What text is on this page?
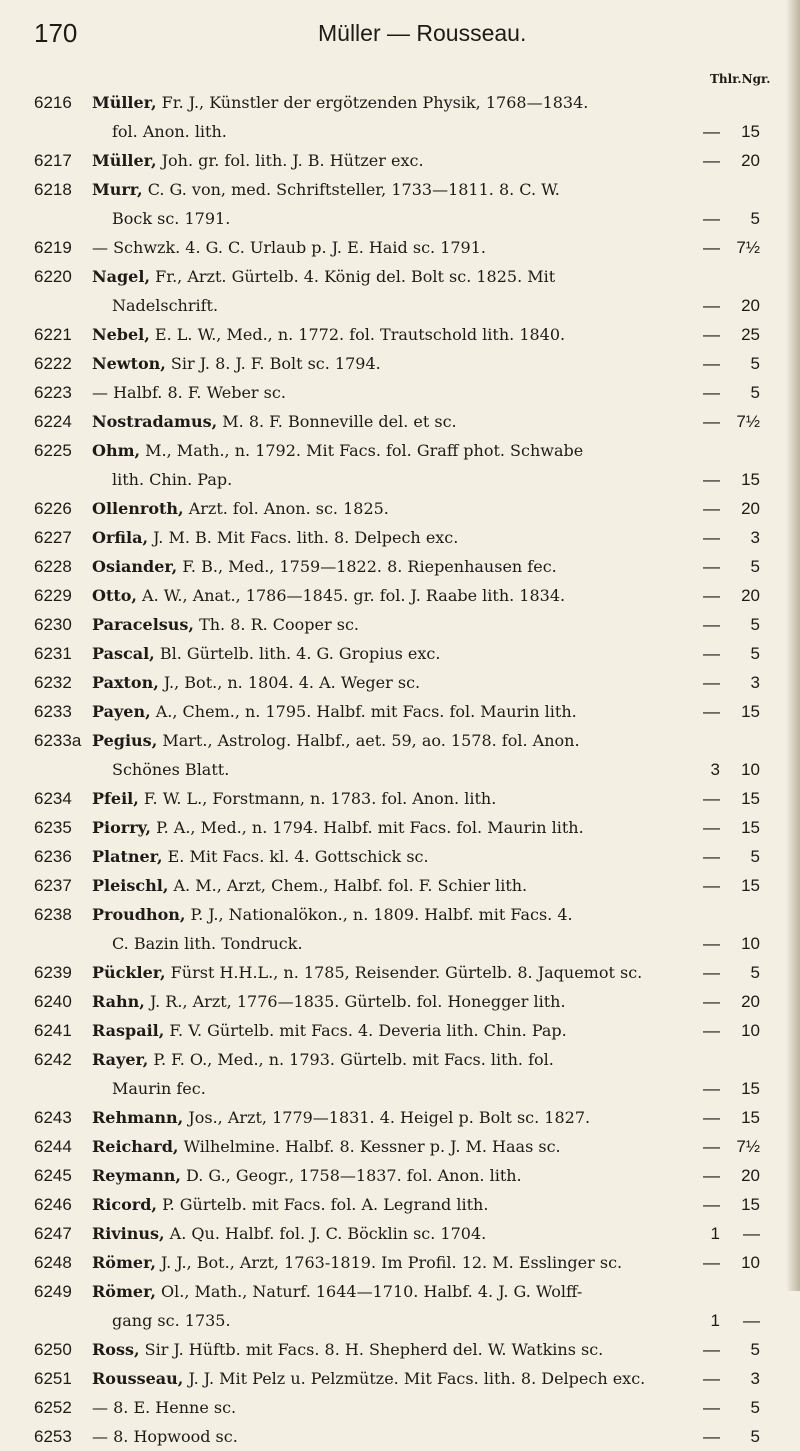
170	Müller — Rousseau.
Thlr.Ngr.
6216	Müller, Fr. J., Künstler der ergötzenden Physik, 1768—1834.
fol. Anon. lith.	—	15
6217	Müller, Joh. gr. fol. lith. J. B. Hützer exc.	—	20
6218	Murr, C. G. von, med. Schriftsteller, 1733—1811. 8. C. W.
Bock sc. 1791.	—	5
6219	— Schwzk. 4. G. C. Urlaub p. J. E. Haid sc. 1791.	— 7½
6220	Nagel, Fr., Arzt. Gürtelb. 4. König del. Bolt sc. 1825. Mit
Nadelschrift.	—	20
6221	Nebel, E. L. W., Med., n. 1772. fol. Trautschold lith. 1840.	—	25
6222	Newton, Sir J. 8. J. F. Bolt sc. 1794.	—	5
6223	— Halbf. 8. F. Weber sc.	—	5
6224	Nostradamus, M. 8. F. Bonneville del. et sc.	— 7½
6225	Ohm, M., Math., n. 1792. Mit Facs. fol. Graff phot. Schwabe
lith. Chin. Pap.	—	15
6226	Ollenroth, Arzt. fol. Anon. sc. 1825.	—	20
6227	Orfila, J. M. B. Mit Facs. lith. 8. Delpech exc.	—	3
6228	Osiander, F. B., Med., 1759—1822. 8. Riepenhausen fec.	—	5
6229	Otto, A. W., Anat., 1786—1845. gr. fol. J. Raabe lith. 1834.	—	20
6230	Paracelsus, Th. 8. R. Cooper sc.	—	5
6231	Pascal, Bl. Gürtelb. lith. 4. G. Gropius exc.	—	5
6232	Paxton, J., Bot., n. 1804. 4. A. Weger sc.	—	3
6233	Payen, A., Chem., n. 1795. Halbf. mit Facs. fol. Maurin lith.	—	15
6233a Pegius, Mart., Astrolog. Halbf., aet. 59, ao. 1578. fol. Anon.
Schönes Blatt.	3	10
6234	Pfeil, F. W. L., Forstmann, n. 1783. fol. Anon. lith.	—	15
6235	Piorry, P. A., Med., n. 1794. Halbf. mit Facs. fol. Maurin lith.	—	15
6236	Platner, E. Mit Facs. kl. 4. Gottschick sc.	—	5
6237	Pleischl, A. M., Arzt, Chem., Halbf. fol. F. Schier lith.	—	15
6238	Proudhon, P. J., Nationalökon., n. 1809. Halbf. mit Facs. 4.
C. Bazin lith. Tondruck.	—	10
6239	Pückler, Fürst H.H.L., n. 1785, Reisender. Gürtelb. 8. Jaquemot sc.	—	5
6240	Rahn, J. R., Arzt, 1776—1835. Gürtelb. fol. Honegger lith.	—	20
6241	Raspail, F. V. Gürtelb. mit Facs. 4. Deveria lith. Chin. Pap.	—	10
6242	Rayer, P. F. O., Med., n. 1793. Gürtelb. mit Facs. lith. fol.
Maurin fec.	—	15
6243	Rehmann, Jos., Arzt, 1779—1831. 4. Heigel p. Bolt sc. 1827.	—	15
6244	Reichard, Wilhelmine. Halbf. 8. Kessner p. J. M. Haas sc.	— 7½
6245	Reymann, D. G., Geogr., 1758—1837. fol. Anon. lith.	—	20
6246	Ricord, P. Gürtelb. mit Facs. fol. A. Legrand lith.	—	15
6247	Rivinus, A. Qu. Halbf. fol. J. C. Böcklin sc. 1704.	1	—
6248	Römer, J. J., Bot., Arzt, 1763-1819. Im Profil. 12. M. Esslinger sc.	—	10
6249	Römer, Ol., Math., Naturf. 1644—1710. Halbf. 4. J. G. Wolff-
gang sc. 1735.	1	—
6250	Ross, Sir J. Hüftb. mit Facs. 8. H. Shepherd del. W. Watkins sc.	—	5
6251	Rousseau, J. J. Mit Pelz u. Pelzmütze. Mit Facs. lith. 8. Delpech exc.	—	3
6252	— 8. E. Henne sc.	—	5
6253	— 8. Hopwood sc.	—	5
